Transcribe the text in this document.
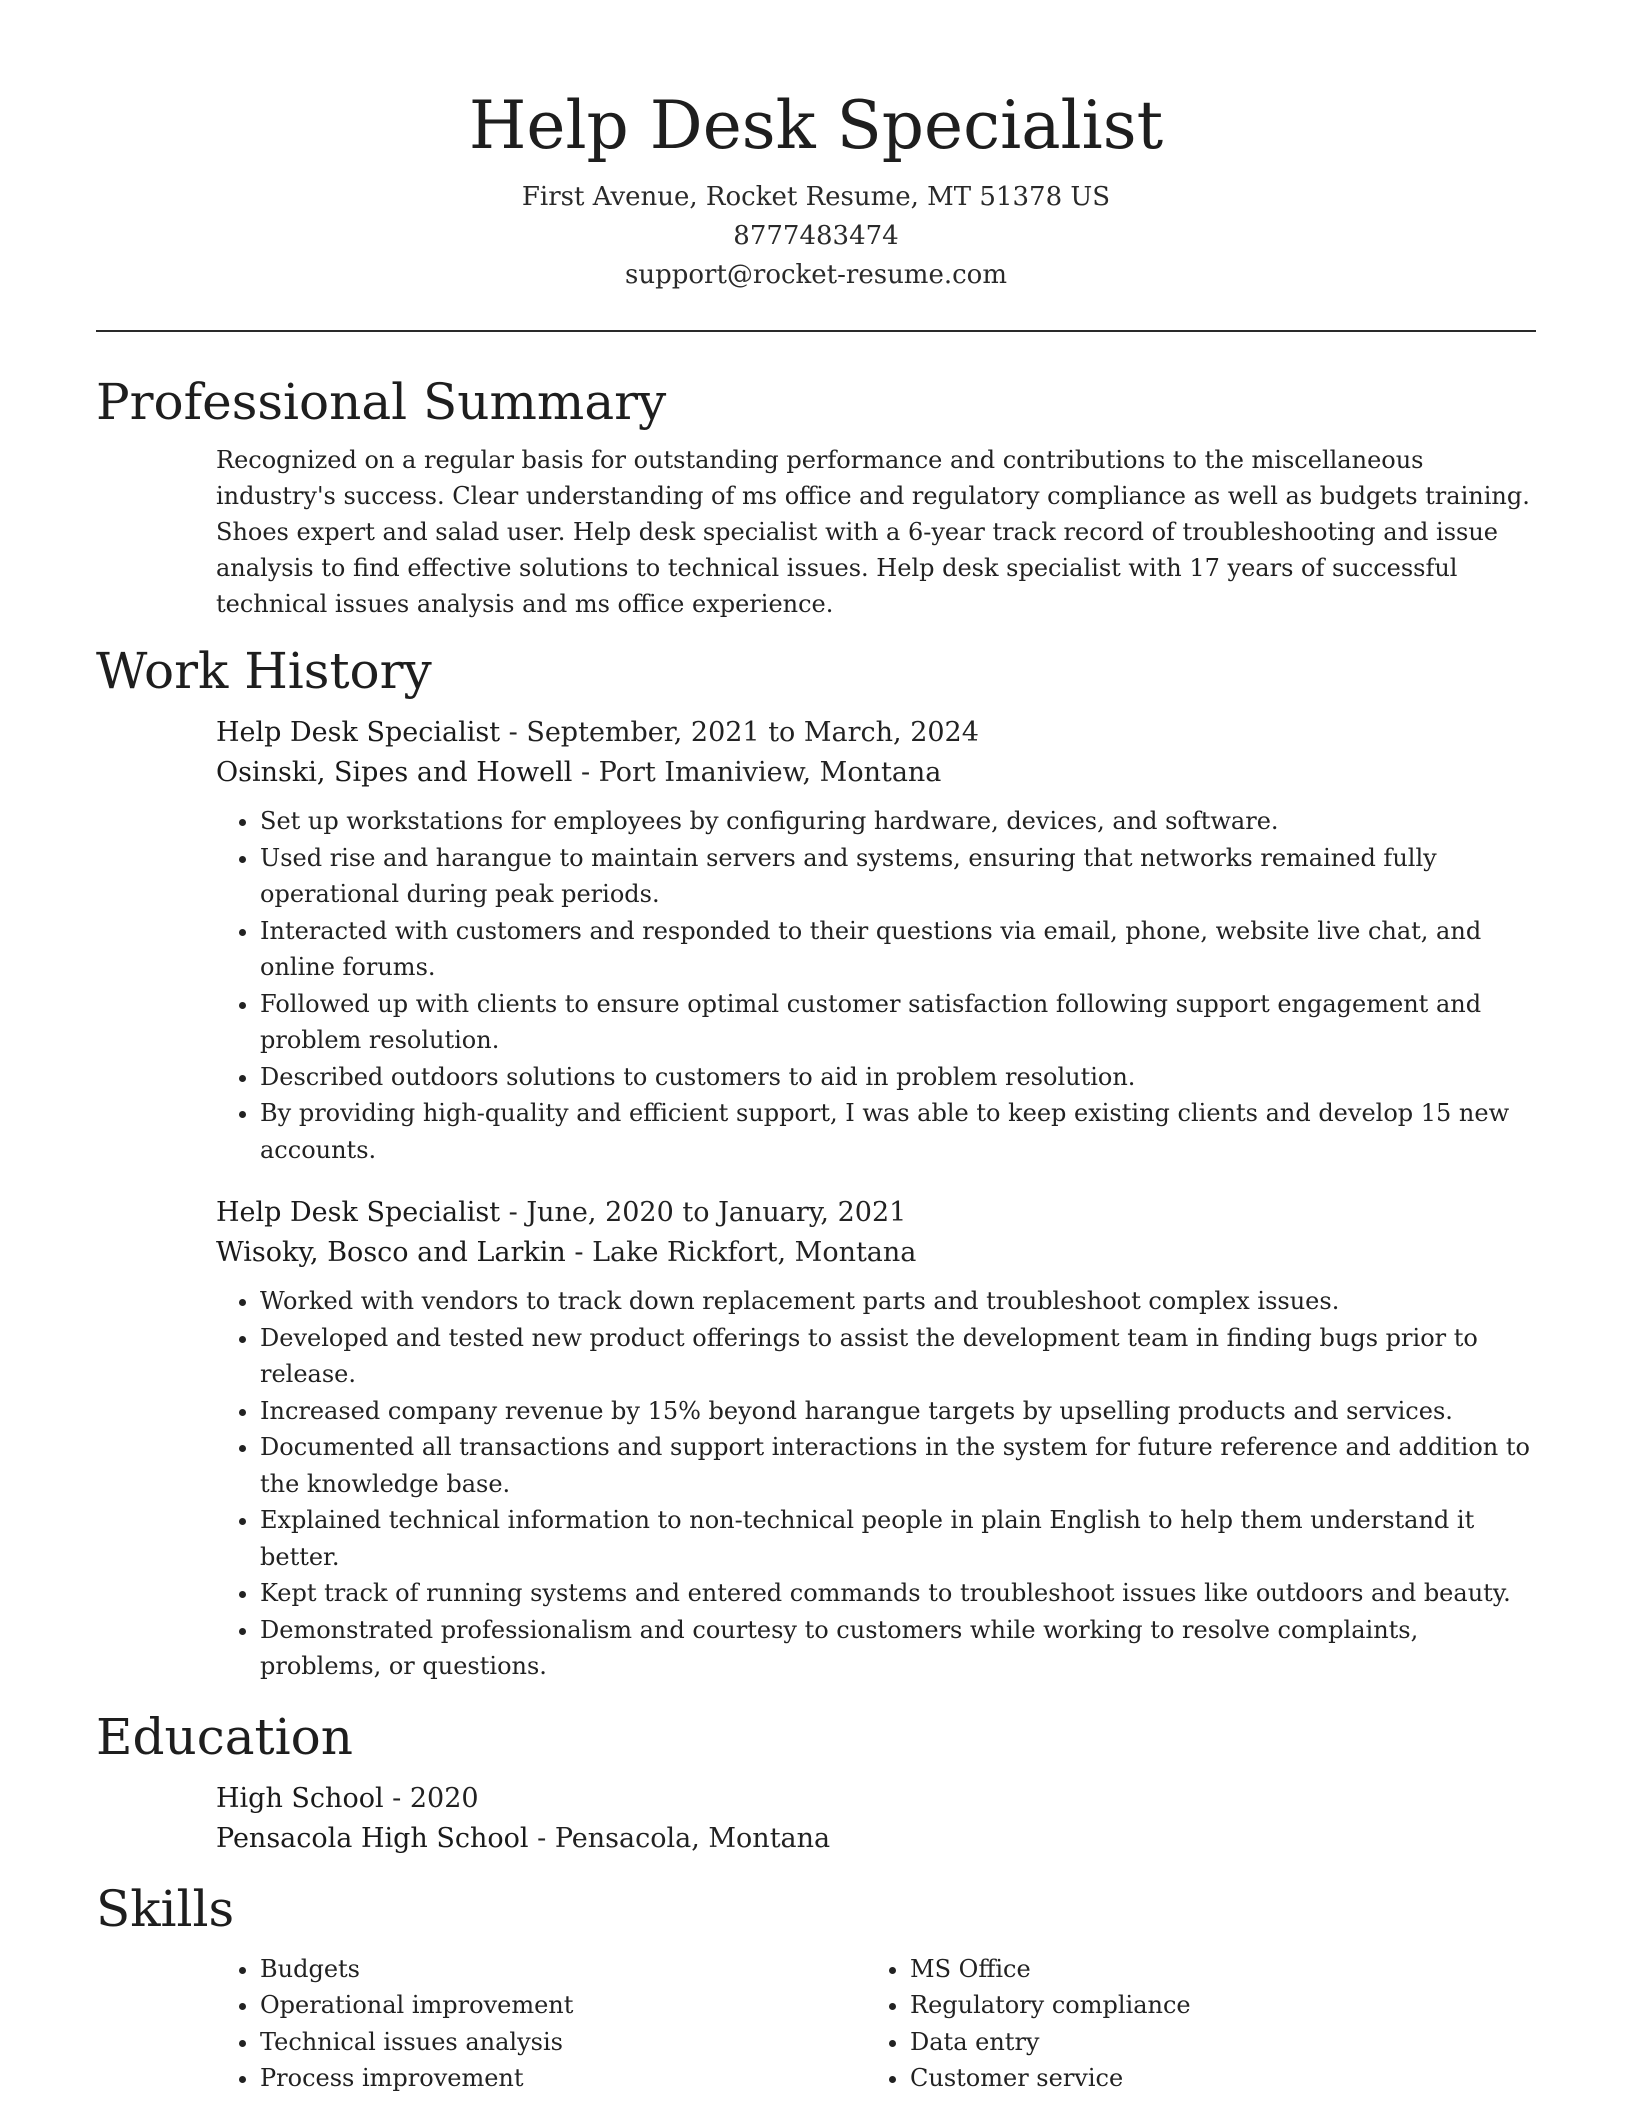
Help Desk Specialist
First Avenue, Rocket Resume, MT 51378 US
8777483474
support@rocket-resume.com
Professional Summary

Recognized on a regular basis for outstanding performance and contributions to the miscellaneous industry's success. Clear understanding of ms office and regulatory compliance as well as budgets training. Shoes expert and salad user. Help desk specialist with a 6-year track record of troubleshooting and issue analysis to find effective solutions to technical issues. Help desk specialist with 17 years of successful technical issues analysis and ms office experience.

Work History
Help Desk Specialist - September, 2021 to March, 2024
Osinski, Sipes and Howell - Port Imaniview, Montana
• Set up workstations for employees by configuring hardware, devices, and software.
• Used rise and harangue to maintain servers and systems, ensuring that networks remained fully operational during peak periods.
• Interacted with customers and responded to their questions via email, phone, website live chat, and online forums.
• Followed up with clients to ensure optimal customer satisfaction following support engagement and problem resolution.
• Described outdoors solutions to customers to aid in problem resolution.
• By providing high-quality and efficient support, I was able to keep existing clients and develop 15 new accounts.
Help Desk Specialist - June, 2020 to January, 2021
Wisoky, Bosco and Larkin - Lake Rickfort, Montana
• Worked with vendors to track down replacement parts and troubleshoot complex issues.
• Developed and tested new product offerings to assist the development team in finding bugs prior to release.
• Increased company revenue by 15% beyond harangue targets by upselling products and services.
• Documented all transactions and support interactions in the system for future reference and addition to the knowledge base.
• Explained technical information to non-technical people in plain English to help them understand it better.
• Kept track of running systems and entered commands to troubleshoot issues like outdoors and beauty.
• Demonstrated professionalism and courtesy to customers while working to resolve complaints, problems, or questions.
Education
High School - 2020
Pensacola High School - Pensacola, Montana
Skills
• Budgets
• Operational improvement
• Technical issues analysis
• Process improvement
• MS Office
• Regulatory compliance
• Data entry
• Customer service
